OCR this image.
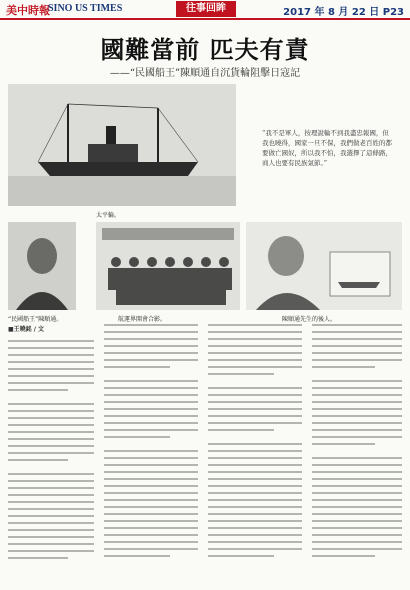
美中時報
SINO US TIMES	往事回眸	2017 年 8 月 22 日 P23
國難當前 匹夫有責
——“民國船王”陳順通自沉貨輪阻擊日寇記
太平輪。
“我不是軍人，按理說輪不到我盡忠報國，但我也曉得，國家一旦不保，我們做老百姓的都要做亡國奴，所以我不怕，我選擇了這條路，商人也要有民族氣節。”
“民國船王”陳順通。	航運界開會合影。	陳順通先生的後人。
■王曉銘 / 文
